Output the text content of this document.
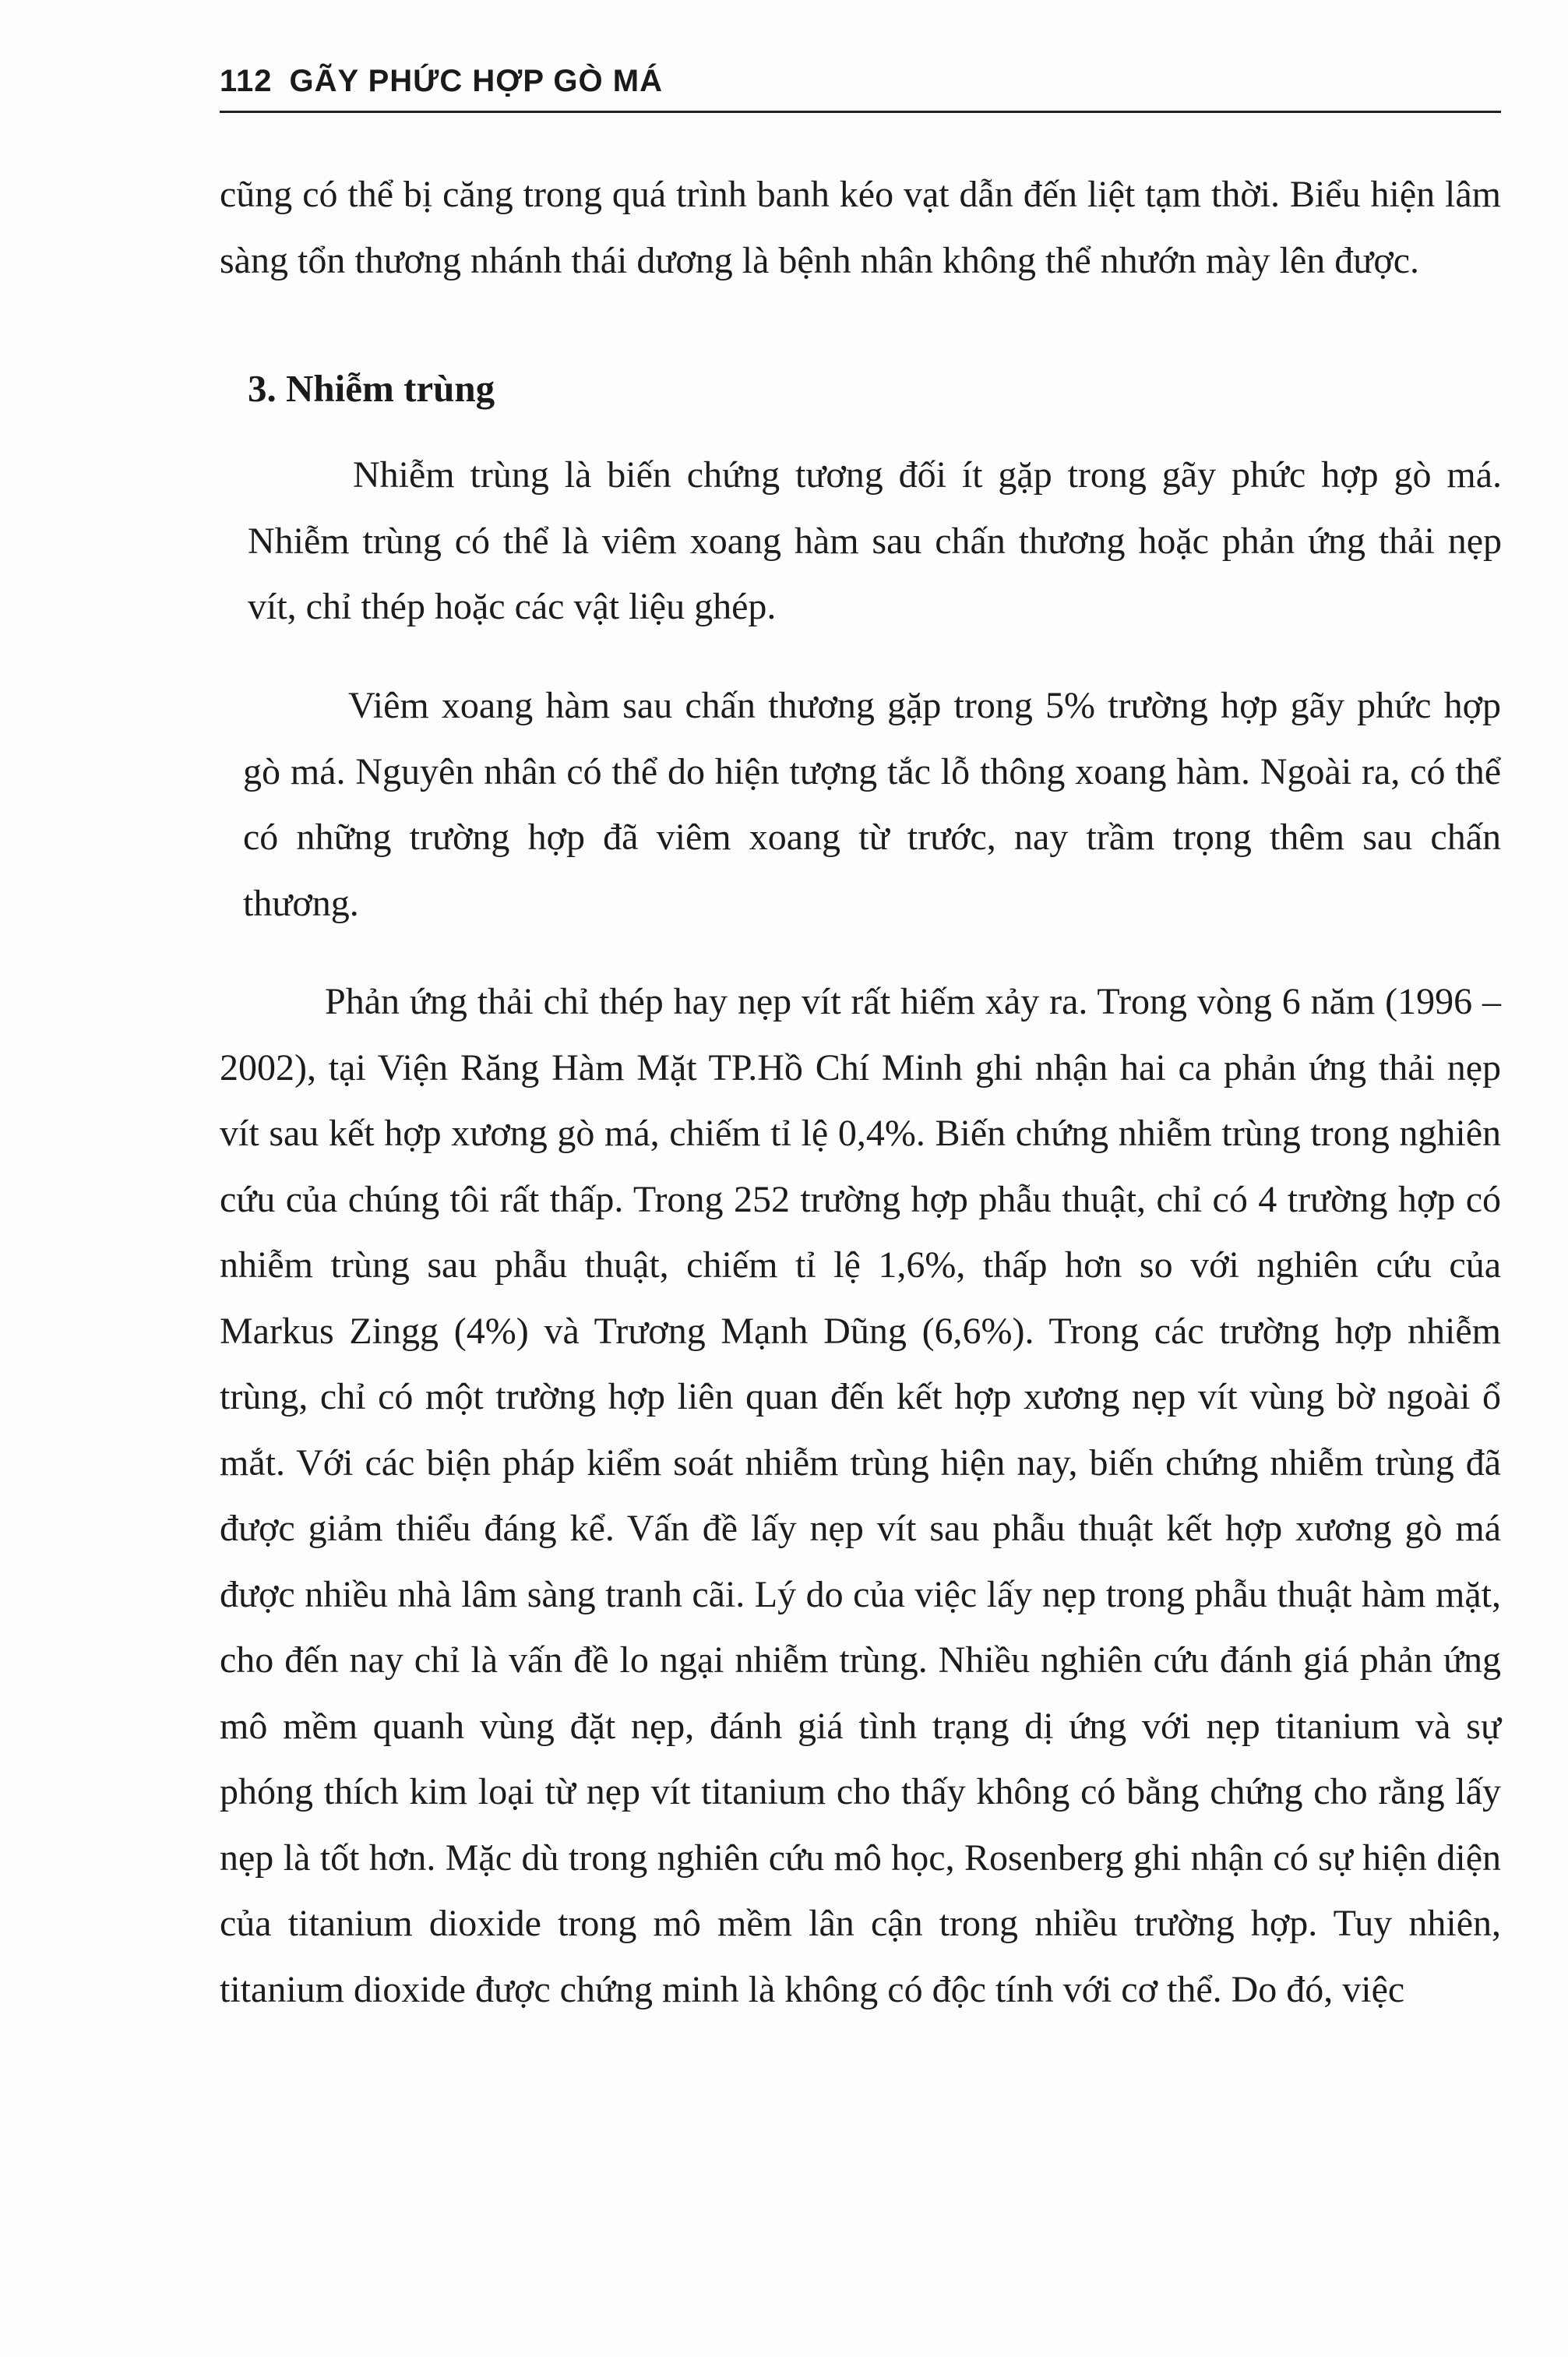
112 GÃY PHỨC HỢP GÒ MÁ

cũng có thể bị căng trong quá trình banh kéo vạt dẫn đến liệt tạm thời. Biểu hiện lâm sàng tổn thương nhánh thái dương là bệnh nhân không thể nhướn mày lên được.

3. Nhiễm trùng

Nhiễm trùng là biến chứng tương đối ít gặp trong gãy phức hợp gò má. Nhiễm trùng có thể là viêm xoang hàm sau chấn thương hoặc phản ứng thải nẹp vít, chỉ thép hoặc các vật liệu ghép.

Viêm xoang hàm sau chấn thương gặp trong 5% trường hợp gãy phức hợp gò má. Nguyên nhân có thể do hiện tượng tắc lỗ thông xoang hàm. Ngoài ra, có thể có những trường hợp đã viêm xoang từ trước, nay trầm trọng thêm sau chấn thương.

Phản ứng thải chỉ thép hay nẹp vít rất hiếm xảy ra. Trong vòng 6 năm (1996 – 2002), tại Viện Răng Hàm Mặt TP.Hồ Chí Minh ghi nhận hai ca phản ứng thải nẹp vít sau kết hợp xương gò má, chiếm tỉ lệ 0,4%. Biến chứng nhiễm trùng trong nghiên cứu của chúng tôi rất thấp. Trong 252 trường hợp phẫu thuật, chỉ có 4 trường hợp có nhiễm trùng sau phẫu thuật, chiếm tỉ lệ 1,6%, thấp hơn so với nghiên cứu của Markus Zingg (4%) và Trương Mạnh Dũng (6,6%). Trong các trường hợp nhiễm trùng, chỉ có một trường hợp liên quan đến kết hợp xương nẹp vít vùng bờ ngoài ổ mắt. Với các biện pháp kiểm soát nhiễm trùng hiện nay, biến chứng nhiễm trùng đã được giảm thiểu đáng kể. Vấn đề lấy nẹp vít sau phẫu thuật kết hợp xương gò má được nhiều nhà lâm sàng tranh cãi. Lý do của việc lấy nẹp trong phẫu thuật hàm mặt, cho đến nay chỉ là vấn đề lo ngại nhiễm trùng. Nhiều nghiên cứu đánh giá phản ứng mô mềm quanh vùng đặt nẹp, đánh giá tình trạng dị ứng với nẹp titanium và sự phóng thích kim loại từ nẹp vít titanium cho thấy không có bằng chứng cho rằng lấy nẹp là tốt hơn. Mặc dù trong nghiên cứu mô học, Rosenberg ghi nhận có sự hiện diện của titanium dioxide trong mô mềm lân cận trong nhiều trường hợp. Tuy nhiên, titanium dioxide được chứng minh là không có độc tính với cơ thể. Do đó, việc
